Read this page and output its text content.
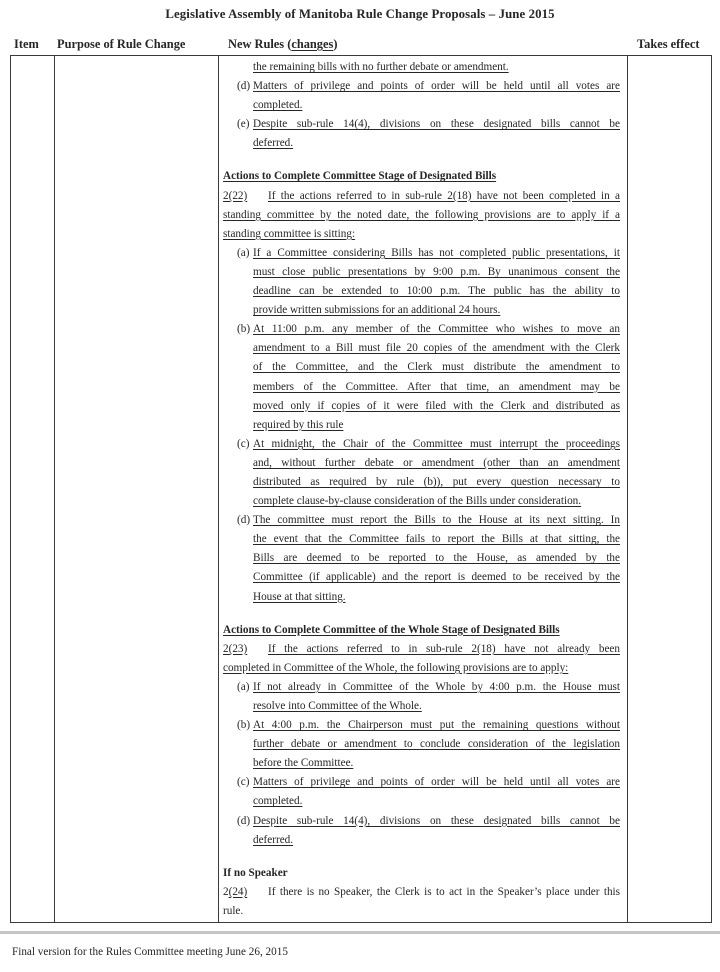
Legislative Assembly of Manitoba Rule Change Proposals – June 2015
Item Purpose of Rule Change	New Rules (changes)	Takes effect
the remaining bills with no further debate or amendment.
(d) Matters of privilege and points of order will be held until all votes are
completed.
(e) Despite sub-rule 14(4), divisions on these designated bills cannot be
deferred.
Actions to Complete Committee Stage of Designated Bills
2(22) If the actions referred to in sub-rule 2(18) have not been completed in a
standing committee by the noted date, the following provisions are to apply if a
standing committee is sitting:
(a) If a Committee considering Bills has not completed public presentations, it
must close public presentations by 9:00 p.m. By unanimous consent the
deadline can be extended to 10:00 p.m. The public has the ability to
provide written submissions for an additional 24 hours.
(b) At 11:00 p.m. any member of the Committee who wishes to move an
amendment to a Bill must file 20 copies of the amendment with the Clerk
of the Committee, and the Clerk must distribute the amendment to
members of the Committee. After that time, an amendment may be
moved only if copies of it were filed with the Clerk and distributed as
required by this rule
(c) At midnight, the Chair of the Committee must interrupt the proceedings
and, without further debate or amendment (other than an amendment
distributed as required by rule (b)), put every question necessary to
complete clause-by-clause consideration of the Bills under consideration.
(d) The committee must report the Bills to the House at its next sitting. In
the event that the Committee fails to report the Bills at that sitting, the
Bills are deemed to be reported to the House, as amended by the
Committee (if applicable) and the report is deemed to be received by the
House at that sitting.
Actions to Complete Committee of the Whole Stage of Designated Bills
2(23) If the actions referred to in sub-rule 2(18) have not already been
completed in Committee of the Whole, the following provisions are to apply:
(a) If not already in Committee of the Whole by 4:00 p.m. the House must
resolve into Committee of the Whole.
(b) At 4:00 p.m. the Chairperson must put the remaining questions without
further debate or amendment to conclude consideration of the legislation
before the Committee.
(c) Matters of privilege and points of order will be held until all votes are
completed.
(d) Despite sub-rule 14(4), divisions on these designated bills cannot be
deferred.
If no Speaker
2(24) If there is no Speaker, the Clerk is to act in the Speaker’s place under this
rule.
Final version for the Rules Committee meeting June 26, 2015
